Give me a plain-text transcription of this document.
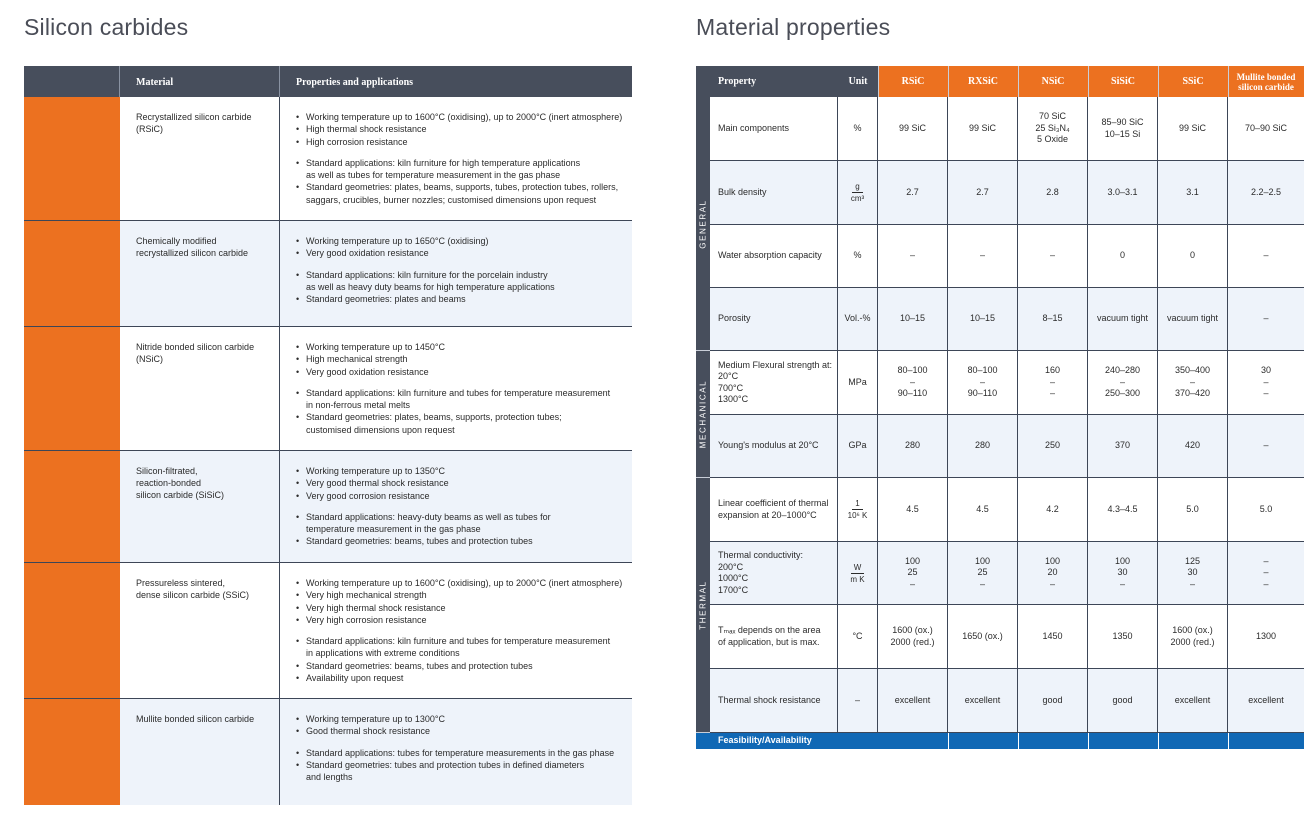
Silicon carbides	Material properties
Material	Properties and applications
Recrystallized silicon carbide
(RSiC)
• Working temperature up to 1600°C (oxidising), up to 2000°C (inert atmosphere)
• High thermal shock resistance
• High corrosion resistance
• Standard applications: kiln furniture for high temperature applications
as well as tubes for temperature measurement in the gas phase
• Standard geometries: plates, beams, supports, tubes, protection tubes, rollers,
saggars, crucibles, burner nozzles; customised dimensions upon request
Chemically modified
recrystallized silicon carbide
• Working temperature up to 1650°C (oxidising)
• Very good oxidation resistance
• Standard applications: kiln furniture for the porcelain industry
as well as heavy duty beams for high temperature applications
• Standard geometries: plates and beams
Nitride bonded silicon carbide
(NSiC)
• Working temperature up to 1450°C
• High mechanical strength
• Very good oxidation resistance
• Standard applications: kiln furniture and tubes for temperature measurement
in non-ferrous metal melts
• Standard geometries: plates, beams, supports, protection tubes;
customised dimensions upon request
Silicon-filtrated,
reaction-bonded
silicon carbide (SiSiC)
• Working temperature up to 1350°C
• Very good thermal shock resistance
• Very good corrosion resistance
• Standard applications: heavy-duty beams as well as tubes for
temperature measurement in the gas phase
• Standard geometries: beams, tubes and protection tubes
Pressureless sintered,
dense silicon carbide (SSiC)
• Working temperature up to 1600°C (oxidising), up to 2000°C (inert atmosphere)
• Very high mechanical strength
• Very high thermal shock resistance
• Very high corrosion resistance
• Standard applications: kiln furniture and tubes for temperature measurement
in applications with extreme conditions
• Standard geometries: beams, tubes and protection tubes
• Availability upon request
Mullite bonded silicon carbide
•	Working temperature up to 1300°C
• Good thermal shock resistance
• Standard applications: tubes for temperature measurements in the gas phase
• Standard geometries: tubes and protection tubes in defined diameters
and lengths
Property	Unit	RSiC	RXSiC	NSiC	SiSiC	SSiC	Mullite bonded
silicon carbide
GENERAL
MECHANICAL
THERMAL
Main components	%	99 SiC	99 SiC
70 SiC
25 Si₃N₄
5 Oxide
85–90 SiC
10–15 Si
99 SiC	70–90 SiC
Bulk density	$\frac{g}{\text{cm³}}$	2.7	2.7	2.8	3.0–3.1	3.1	2.2–2.5
Water absorption capacity	%	–	–	–	0	0	–
Porosity	Vol.-%	10–15	10–15	8–15	vacuum tight	vacuum tight	–
Medium Flexural strength at:
20°C
700°C
1300°C
MPa
80–100
–
90–110
80–100
–
90–110
160
–
–
240–280
–
250–300
350–400
–
370–420
30
–
–
Young's modulus at 20°C	GPa	280	280	250	370	420	–
Linear coefficient of thermal
expansion at 20–1000°C	$\frac{1}{\text{10⁶ K}}$	4.5	4.5	4.2	4.3–4.5	5.0	5.0
Thermal conductivity:
200°C
1000°C
1700°C
$\frac{W}{\text{m K}}$
100
25
–
100
25
–
100
20
–
100
30
–
125
30
–
–
–
–
Tₘₐₓ depends on the area
of application, but is max.
°C
1600 (ox.)
2000 (red.)
1650 (ox.)	1450	1350
1600 (ox.)
2000 (red.)
1300
Thermal shock resistance	–	excellent	excellent	good	good	excellent	excellent
Feasibility/Availability
